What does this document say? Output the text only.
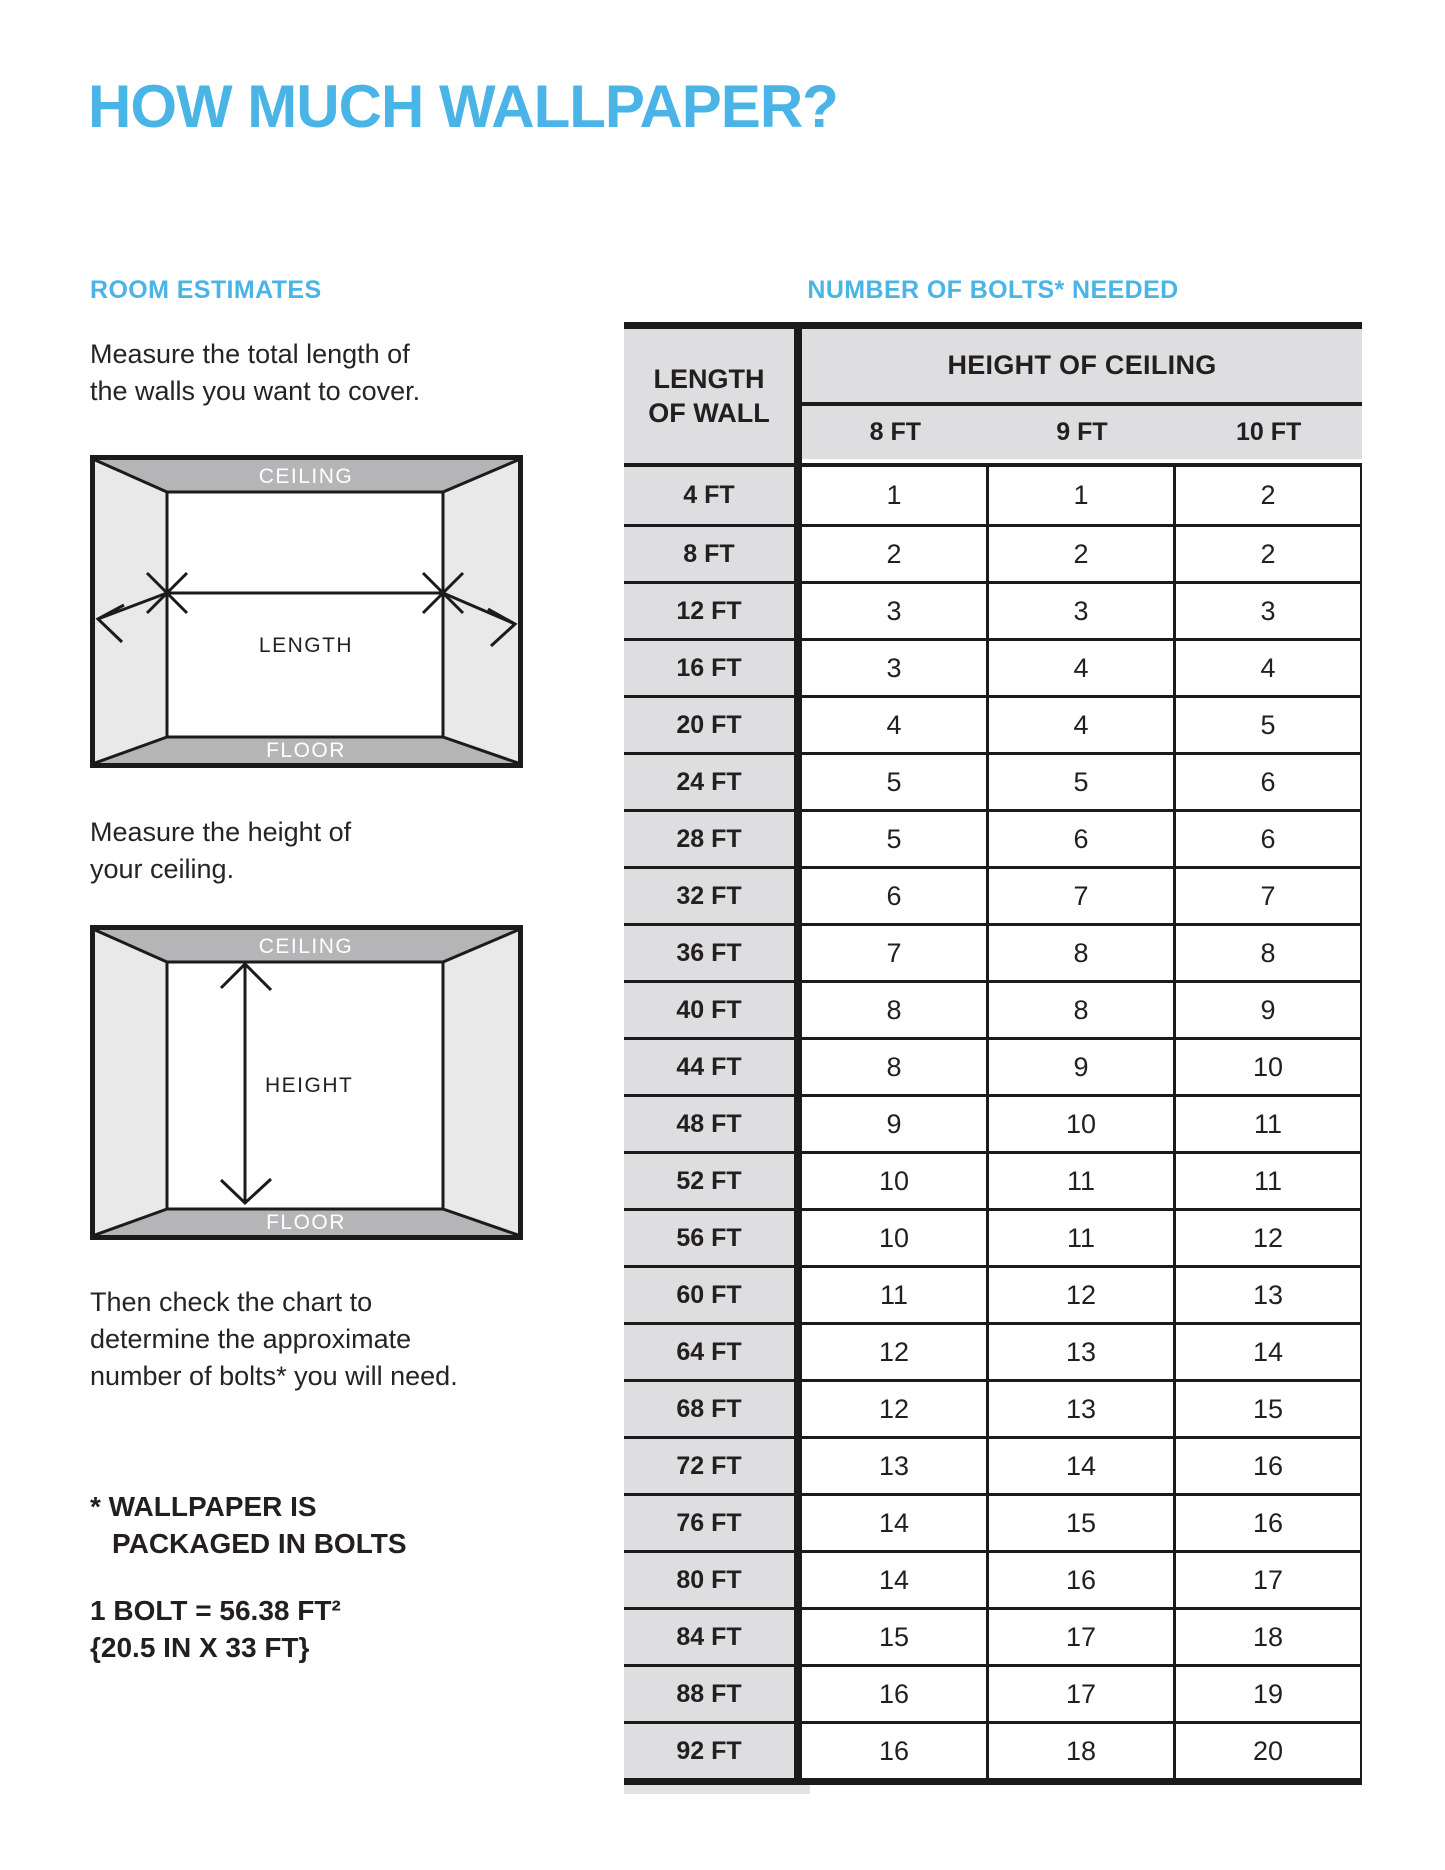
HOW MUCH WALLPAPER?
ROOM ESTIMATES	NUMBER OF BOLTS* NEEDED
Measure the total length of
the walls you want to cover.
CEILING
FLOOR
LENGTH
Measure the height of
your ceiling.
CEILING
FLOOR
HEIGHT
Then check the chart to
determine the approximate
number of bolts* you will need.
* WALLPAPER IS
PACKAGED IN BOLTS
1 BOLT = 56.38 FT²
{20.5 IN X 33 FT}
LENGTH
OF WALL
HEIGHT OF CEILING
8 FT	9 FT	10 FT
4 FT	1	1	2
8 FT	2	2	2
12 FT	3	3	3
16 FT	3	4	4
20 FT	4	4	5
24 FT	5	5	6
28 FT	5	6	6
32 FT	6	7	7
36 FT	7	8	8
40 FT	8	8	9
44 FT	8	9	10
48 FT	9	10	11
52 FT	10	11	11
56 FT	10	11	12
60 FT	11	12	13
64 FT	12	13	14
68 FT	12	13	15
72 FT	13	14	16
76 FT	14	15	16
80 FT	14	16	17
84 FT	15	17	18
88 FT	16	17	19
92 FT	16	18	20
